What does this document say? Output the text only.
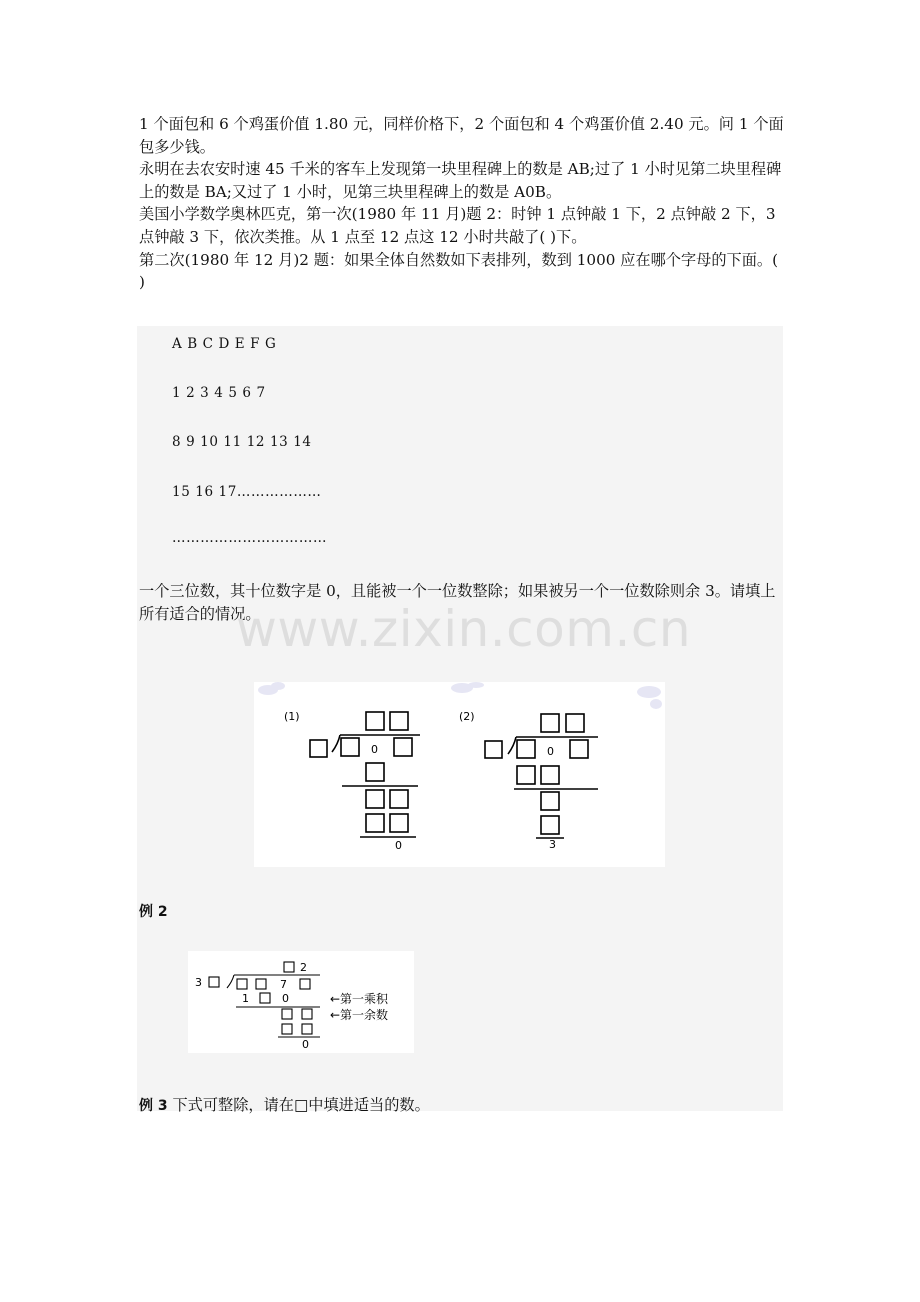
1 个面包和 6 个鸡蛋价值 1.80 元，同样价格下，2 个面包和 4 个鸡蛋价值 2.40 元。问 1 个面包多少钱。
永明在去农安时速 45 千米的客车上发现第一块里程碑上的数是 AB;过了 1 小时见第二块里程碑上的数是 BA;又过了 1 小时，见第三块里程碑上的数是 A0B。
美国小学数学奥林匹克，第一次(1980 年 11 月)题 2：时钟 1 点钟敲 1 下，2 点钟敲 2 下，3 点钟敲 3 下，依次类推。从 1 点至 12 点这 12 小时共敲了( )下。
第二次(1980 年 12 月)2 题：如果全体自然数如下表排列，数到 1000 应在哪个字母的下面。( )
A B C D E F G
1 2 3 4 5 6 7
8 9 10 11 12 13 14
15 16 17………………
……………………………
一个三位数，其十位数字是 0，且能被一个一位数整除；如果被另一个一位数除则余 3。请填上所有适合的情况。
www.zixin.com.cn
(1)	(2)
0
0
0
3
例 2
3
2
7
1	0
0
←第一乘积
←第一余数
例 3 下式可整除，请在□中填进适当的数。
